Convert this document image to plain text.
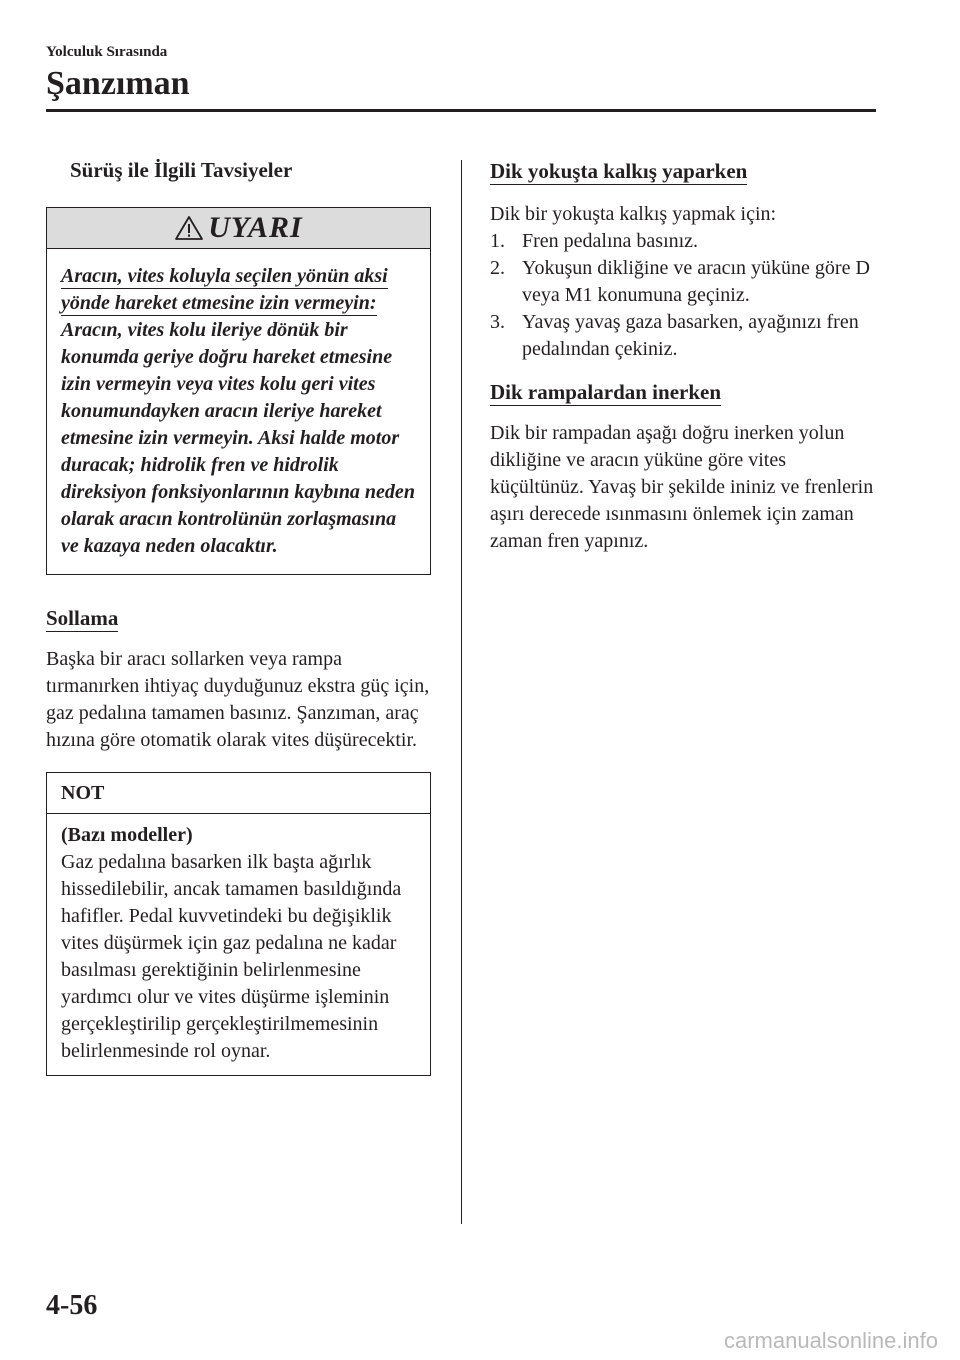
Yolculuk Sırasında
Şanzıman
Sürüş ile İlgili Tavsiyeler
UYARI
Aracın, vites koluyla seçilen yönün aksi yönde hareket etmesine izin vermeyin:
Aracın, vites kolu ileriye dönük bir konumda geriye doğru hareket etmesine izin vermeyin veya vites kolu geri vites konumundayken aracın ileriye hareket etmesine izin vermeyin. Aksi halde motor duracak; hidrolik fren ve hidrolik direksiyon fonksiyonlarının kaybına neden olarak aracın kontrolünün zorlaşmasına ve kazaya neden olacaktır.
Sollama
Başka bir aracı sollarken veya rampa tırmanırken ihtiyaç duyduğunuz ekstra güç için, gaz pedalına tamamen basınız. Şanzıman, araç hızına göre otomatik olarak vites düşürecektir.
NOT
(Bazı modeller)
Gaz pedalına basarken ilk başta ağırlık hissedilebilir, ancak tamamen basıldığında hafifler. Pedal kuvvetindeki bu değişiklik vites düşürmek için gaz pedalına ne kadar basılması gerektiğinin belirlenmesine yardımcı olur ve vites düşürme işleminin gerçekleştirilip gerçekleştirilmemesinin belirlenmesinde rol oynar.
Dik yokuşta kalkış yaparken
Dik bir yokuşta kalkış yapmak için:
1. Fren pedalına basınız.
2. Yokuşun dikliğine ve aracın yüküne göre D veya M1 konumuna geçiniz.
3. Yavaş yavaş gaza basarken, ayağınızı fren pedalından çekiniz.
Dik rampalardan inerken
Dik bir rampadan aşağı doğru inerken yolun dikliğine ve aracın yüküne göre vites küçültünüz. Yavaş bir şekilde ininiz ve frenlerin aşırı derecede ısınmasını önlemek için zaman zaman fren yapınız.
4-56
carmanualsonline.info
